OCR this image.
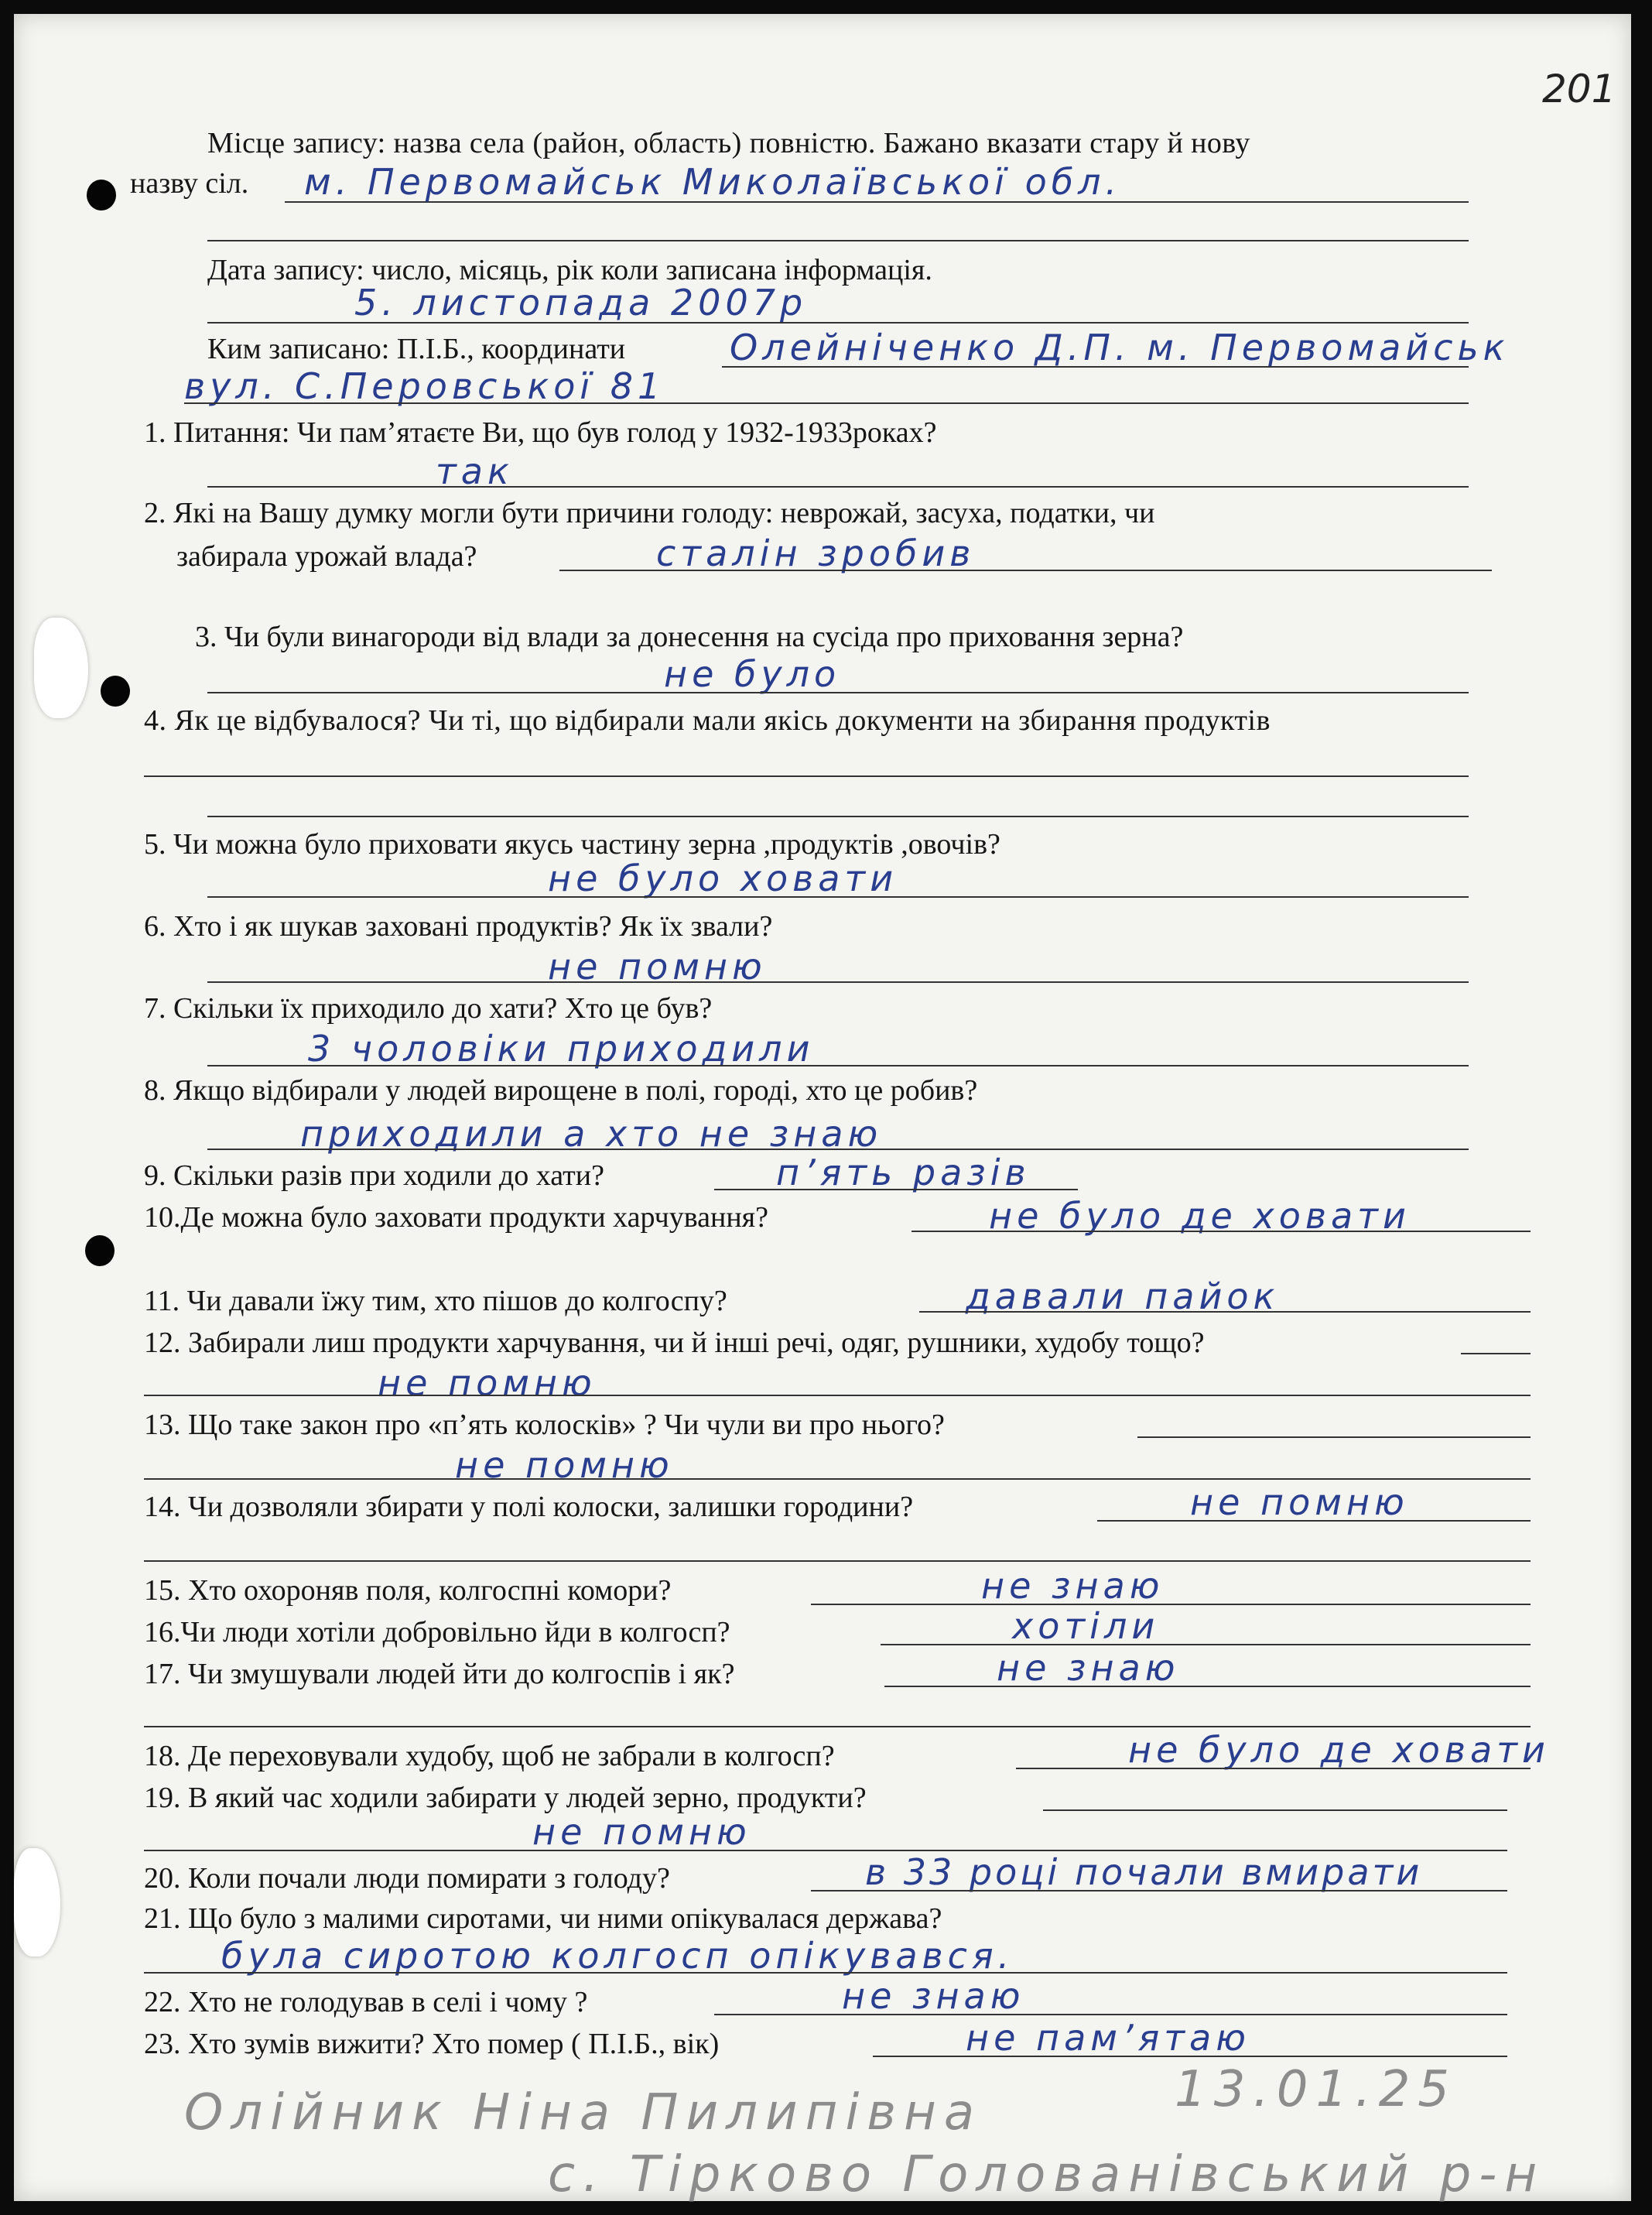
201
Місце запису: назва села (район, область) повністю. Бажано вказати стару й нову
назву сіл. м. Первомайськ Миколаївської обл.
Дата запису: число, місяць, рік коли записана інформація.
5. листопада 2007р
Ким записано: П.І.Б., координати	Олейніченко Д.П. м. Первомайськ
вул. С.Перовської 81
1. Питання: Чи пам’ятаєте Ви, що був голод у 1932-1933роках?
так
2. Які на Вашу думку могли бути причини голоду: неврожай, засуха, податки, чи
забирала урожай влада?	сталін зробив
3. Чи були винагороди від влади за донесення на сусіда про приховання зерна?
не було
4. Як це відбувалося? Чи ті, що відбирали мали якісь документи на збирання продуктів
5. Чи можна було приховати якусь частину зерна ,продуктів ,овочів?
не було ховати
6. Хто і як шукав заховані продуктів? Як їх звали?
не помню
7. Скільки їх приходило до хати? Хто це був?
3 чоловіки приходили
8. Якщо відбирали у людей вирощене в полі, городі, хто це робив?
приходили а хто не знаю
9. Скільки разів при ходили до хати?	п’ять разів
10.Де можна було заховати продукти харчування?	не було де ховати
11. Чи давали їжу тим, хто пішов до колгоспу?	давали пайок
12. Забирали лиш продукти харчування, чи й інші речі, одяг, рушники, худобу тощо?
не помню
13. Що таке закон про «п’ять колосків» ? Чи чули ви про нього?
не помню
14. Чи дозволяли збирати у полі колоски, залишки городини?	не помню
15. Хто охороняв поля, колгоспні комори?	не знаю
16.Чи люди хотіли добровільно йди в колгосп?	хотіли
17. Чи змушували людей йти до колгоспів і як?	не знаю
18. Де переховували худобу, щоб не забрали в колгосп?	не було де ховати
19. В який час ходили забирати у людей зерно, продукти?
не помню
20. Коли почали люди помирати з голоду?	в 33 році почали вмирати
21. Що було з малими сиротами, чи ними опікувалася держава?
була сиротою колгосп опікувався.
22. Хто не голодував в селі і чому ?	не знаю
23. Хто зумів вижити? Хто помер ( П.І.Б., вік)	не пам’ятаю
Олійник Ніна Пилипівна	13.01.25
с. Тірково Голованівський р-н
